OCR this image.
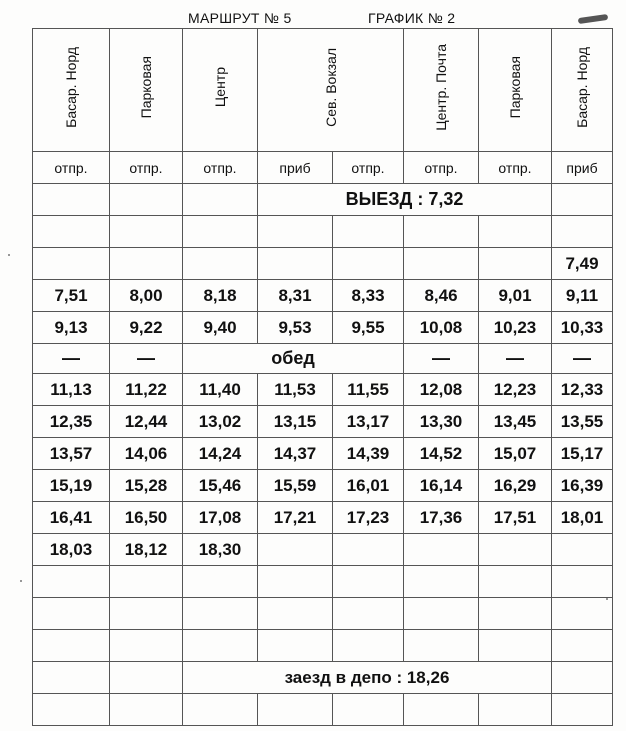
МАРШРУТ № 5	ГРАФИК № 2
Басар. Норд	Парковая	Центр	Сев. Вокзал		Центр. Почта	Парковая	Басар. Норд
отпр.	отпр.	отпр.	приб	отпр.	отпр.	отпр.	приб
			ВЫЕЗД : 7,32				

							7,49
7,51	8,00	8,18	8,31	8,33	8,46	9,01	9,11
9,13	9,22	9,40	9,53	9,55	10,08	10,23	10,33
—	—	обед			—	—	—
11,13	11,22	11,40	11,53	11,55	12,08	12,23	12,33
12,35	12,44	13,02	13,15	13,17	13,30	13,45	13,55
13,57	14,06	14,24	14,37	14,39	14,52	15,07	15,17
15,19	15,28	15,46	15,59	16,01	16,14	16,29	16,39
16,41	16,50	17,08	17,21	17,23	17,36	17,51	18,01
18,03	18,12	18,30					

		заезд в депо : 18,26					
